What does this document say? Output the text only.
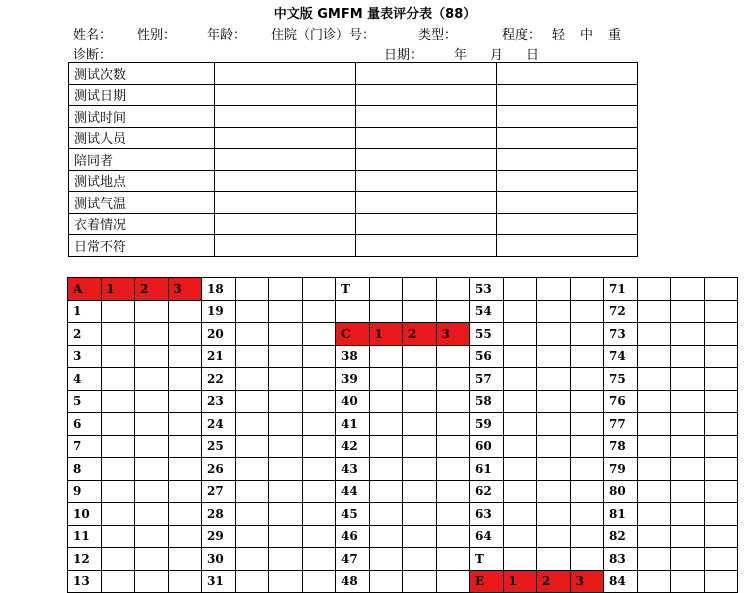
中文版 GMFM 量表评分表（88）
姓名： 性别： 年龄： 住院（门诊）号：	类型：	程度： 轻 中 重
诊断：	日期： 年 月 日
测试次数			
测试日期			
测试时间			
测试人员			
陪同者			
测试地点			
测试气温			
衣着情况			
日常不符			
A	1	2	3	18				T				53				71			
1				19								54				72			
2				20				C	1	2	3	55				73			
3				21				38				56				74			
4				22				39				57				75			
5				23				40				58				76			
6				24				41				59				77			
7				25				42				60				78			
8				26				43				61				79			
9				27				44				62				80			
10				28				45				63				81			
11				29				46				64				82			
12				30				47				T				83			
13				31				48				E	1	2	3	84			
